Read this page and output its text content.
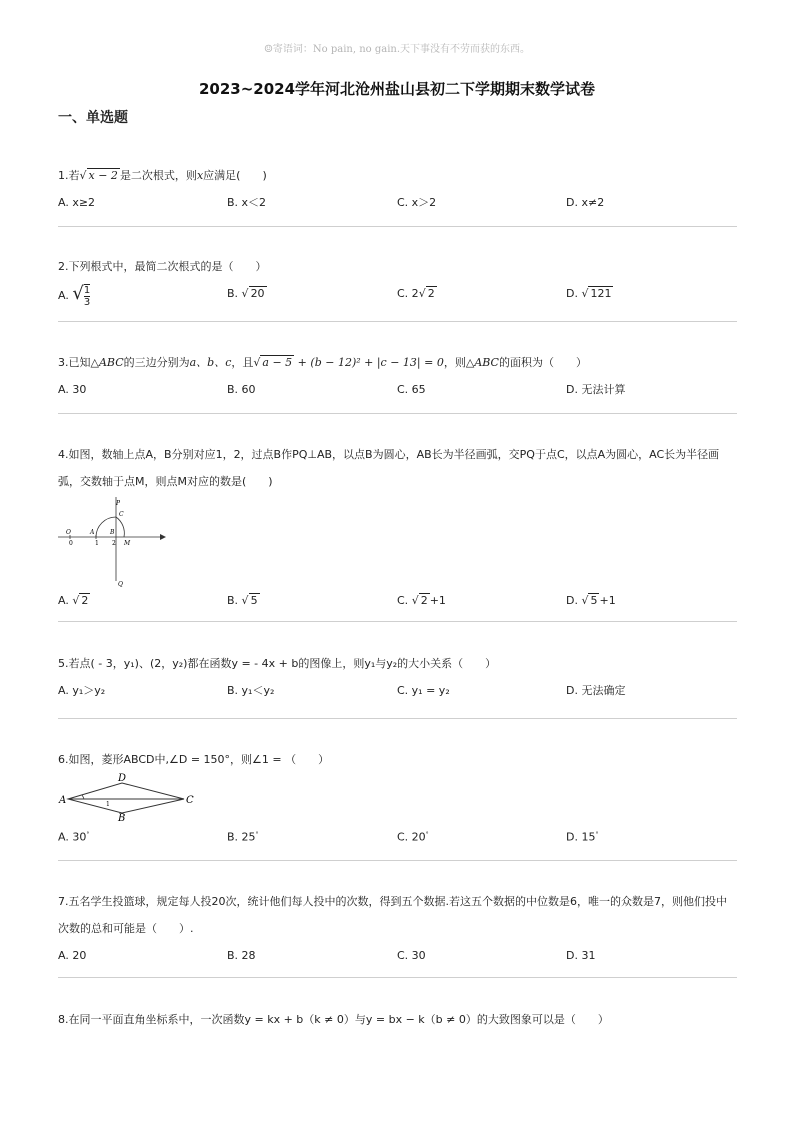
☺寄语词：No pain, no gain.天下事没有不劳而获的东西。
2023~2024学年河北沧州盐山县初二下学期期末数学试卷
一、单选题
1.若√ x − 2 是二次根式，则x应满足(　　)
A. x≥2	B. x＜2	C. x＞2	D. x≠2
2.下列根式中，最简二次根式的是（　　）
A. √ $\frac{1}{3}$	B. √ 20	C. 2√ 2	D. √ 121
3.已知△ABC的三边分别为a、b、c，且√ a − 5 + (b − 12)² + |c − 13| = 0，则△ABC的面积为（　　）
A. 30	B. 60	C. 65	D. 无法计算
4.如图，数轴上点A，B分别对应1，2，过点B作PQ⊥AB，以点B为圆心，AB长为半径画弧，交PQ于点C，以点A为圆心，AC长为半径画
弧，交数轴于点M，则点M对应的数是(　　)
P
C
Q
O	A	B
M
0	1 2
A. √ 2	B. √ 5	C. √ 2 +1	D. √ 5 +1
5.若点( - 3，y₁)、(2，y₂)都在函数y = - 4x + b的图像上，则y₁与y₂的大小关系（　　）
A. y₁＞y₂	B. y₁＜y₂	C. y₁ = y₂	D. 无法确定
6.如图，菱形ABCD中,∠D = 150°，则∠1 = （　　）
A
D
C
B
1
A. 30°	B. 25°	C. 20°	D. 15°
7.五名学生投篮球，规定每人投20次，统计他们每人投中的次数，得到五个数据.若这五个数据的中位数是6，唯一的众数是7，则他们投中
次数的总和可能是（　　）.
A. 20	B. 28	C. 30	D. 31
8.在同一平面直角坐标系中，一次函数y = kx + b（k ≠ 0）与y = bx − k（b ≠ 0）的大致图象可以是（　　）
